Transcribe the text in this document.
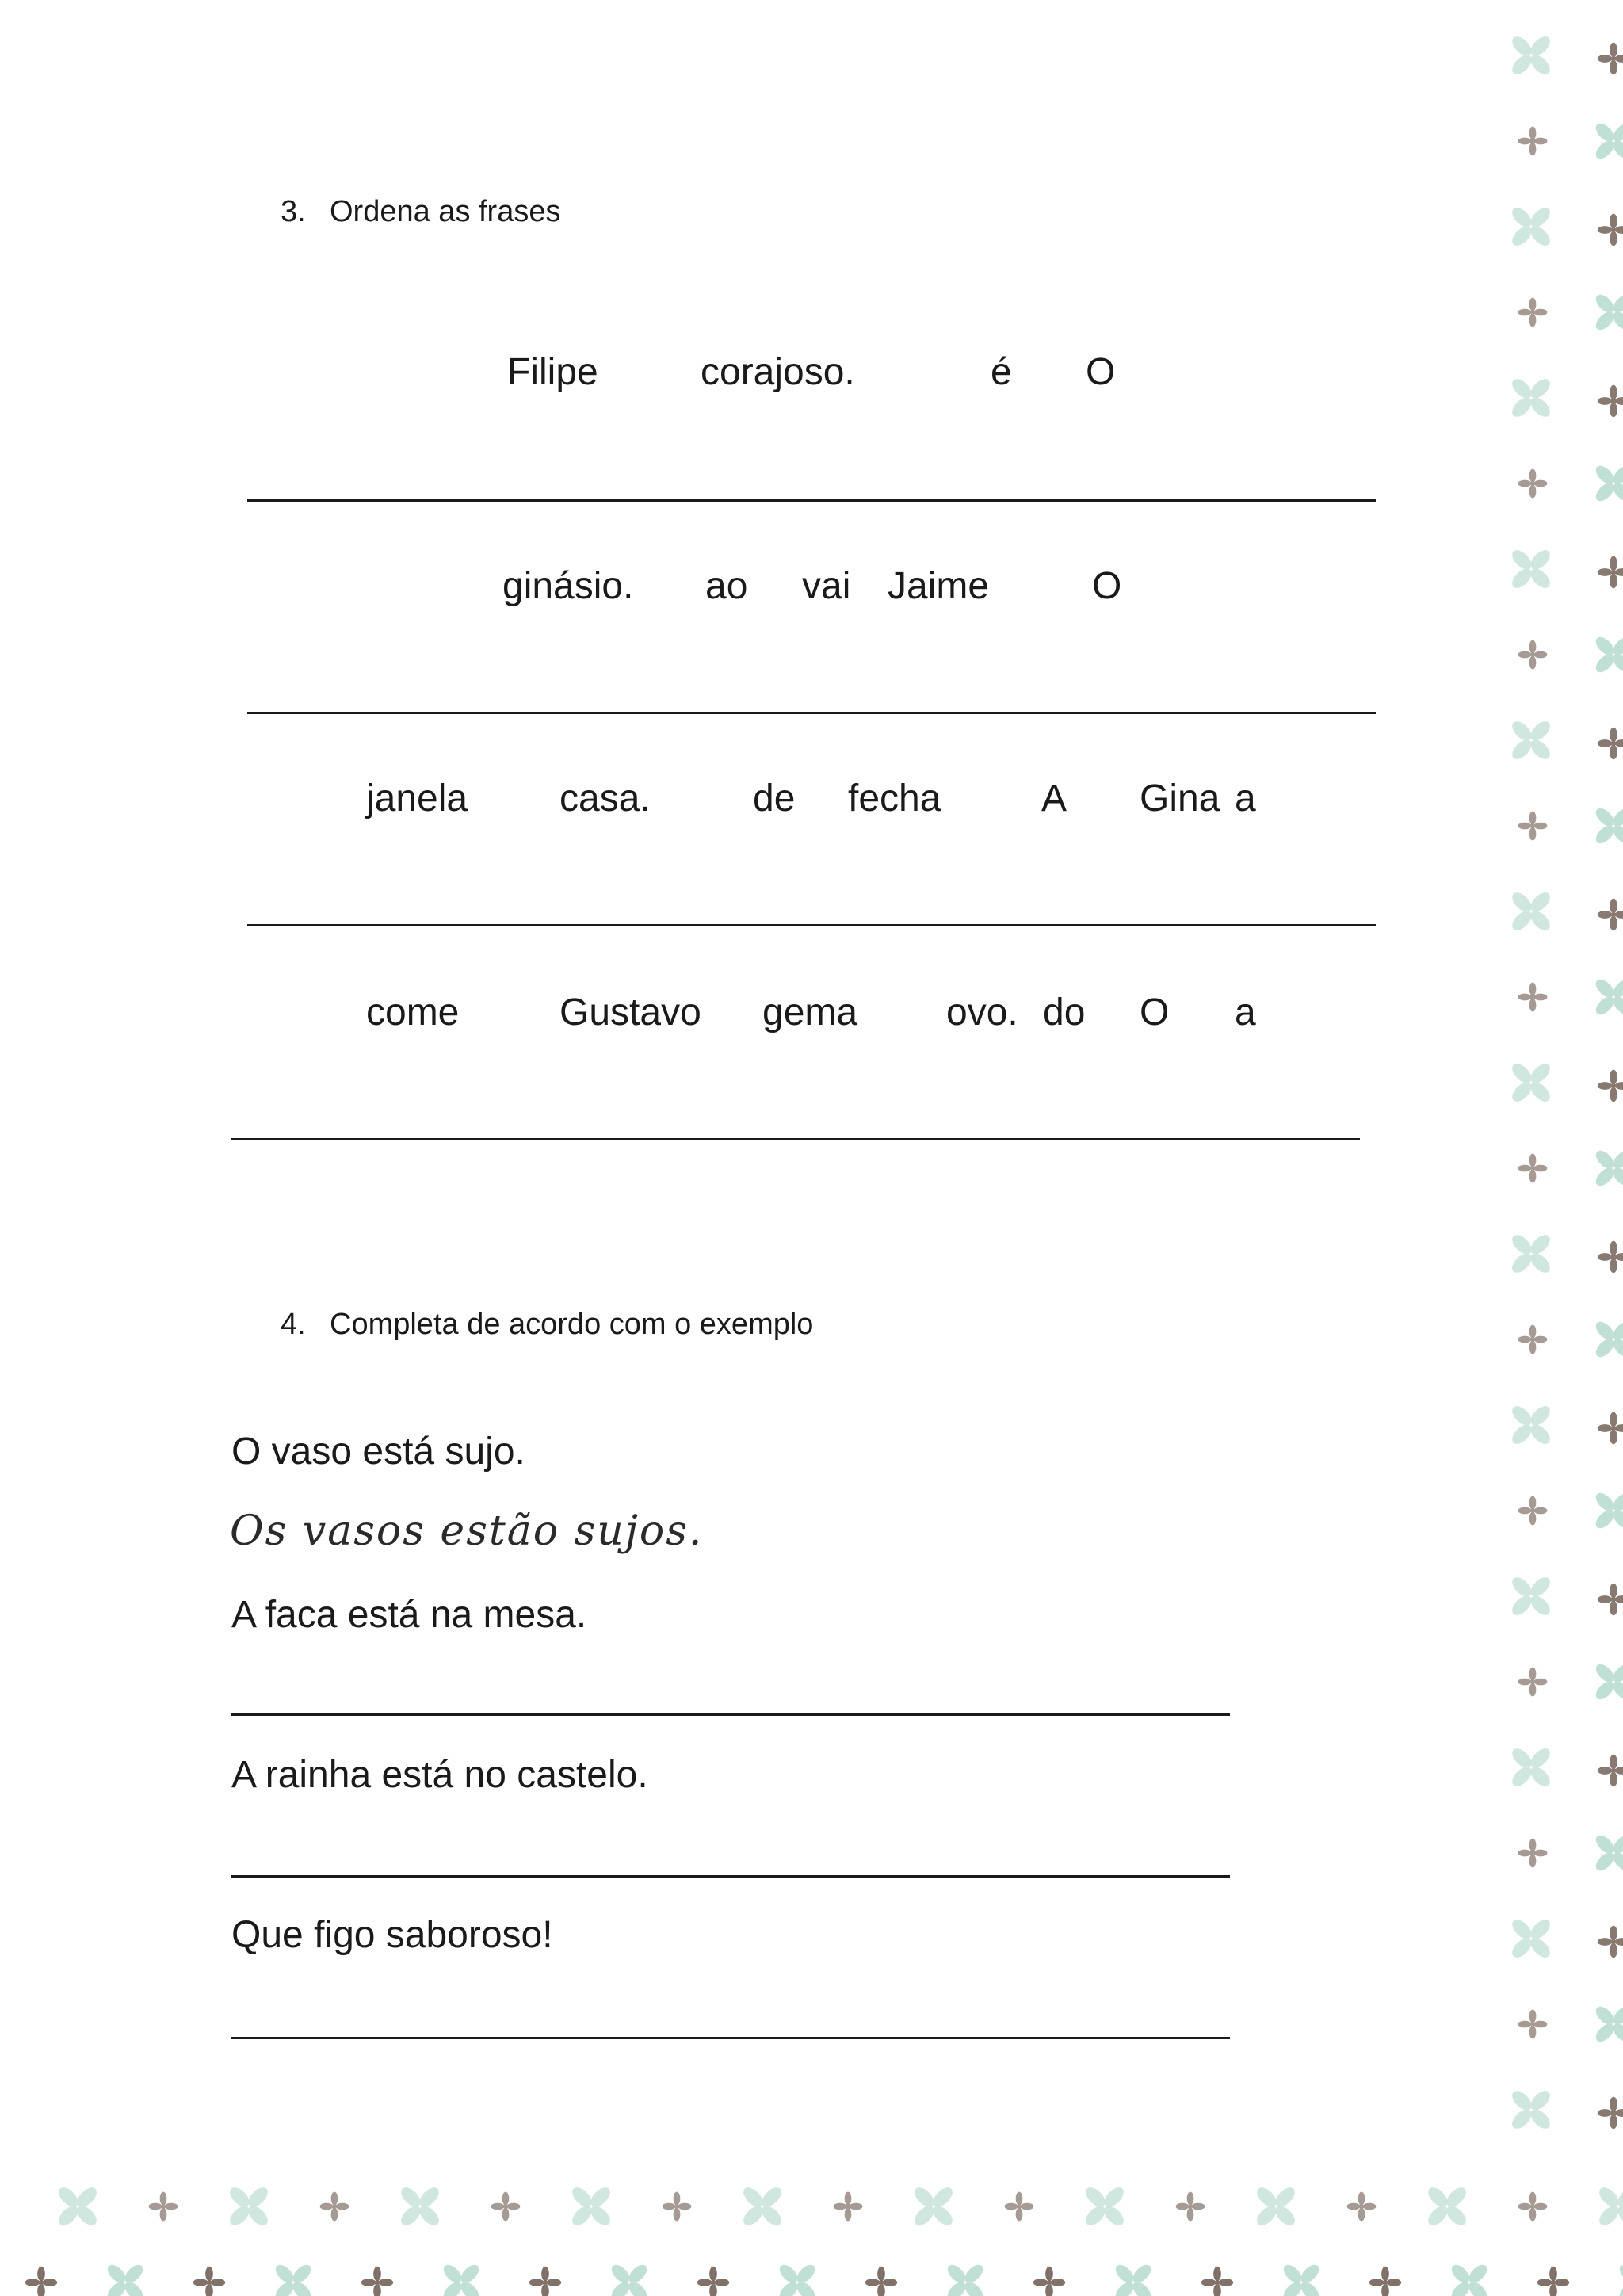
3. Ordena as frases
Filipe	corajoso.	é O
ginásio. ao vai Jaime	O
janela casa.	de fecha	A Gina a
come	Gustavo gema ovo. do O a
4. Completa de acordo com o exemplo
O vaso está sujo.
Os vasos estão sujos.
A faca está na mesa.
A rainha está no castelo.
Que figo saboroso!
